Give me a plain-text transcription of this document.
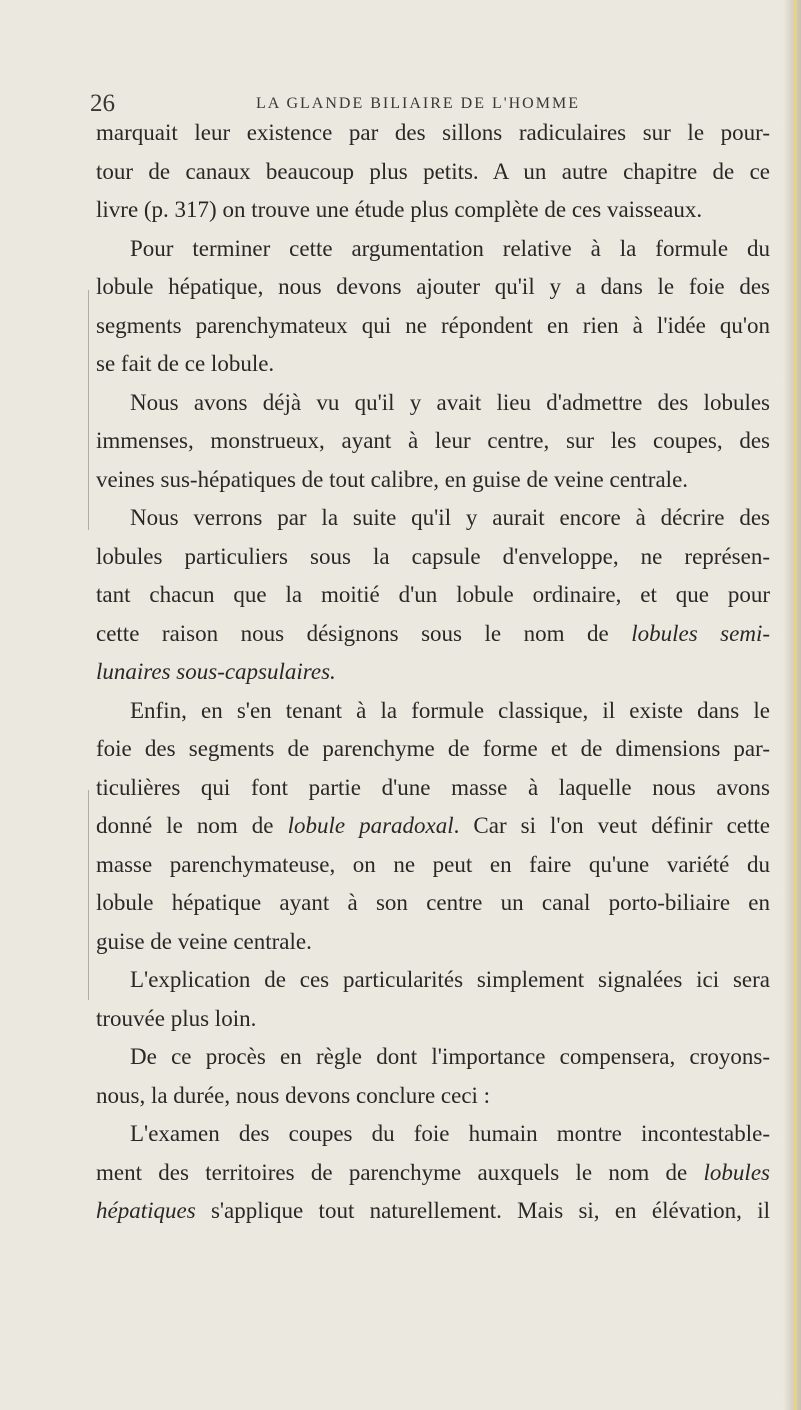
26	LA GLANDE BILIAIRE DE L'HOMME
marquait leur existence par des sillons radiculaires sur le pour-
tour de canaux beaucoup plus petits. A un autre chapitre de ce
livre (p. 317) on trouve une étude plus complète de ces vaisseaux.
Pour terminer cette argumentation relative à la formule du
lobule hépatique, nous devons ajouter qu'il y a dans le foie des
segments parenchymateux qui ne répondent en rien à l'idée qu'on
se fait de ce lobule.
Nous avons déjà vu qu'il y avait lieu d'admettre des lobules
immenses, monstrueux, ayant à leur centre, sur les coupes, des
veines sus-hépatiques de tout calibre, en guise de veine centrale.
Nous verrons par la suite qu'il y aurait encore à décrire des
lobules particuliers sous la capsule d'enveloppe, ne représen-
tant chacun que la moitié d'un lobule ordinaire, et que pour
cette raison nous désignons sous le nom de lobules semi-
lunaires sous-capsulaires.
Enfin, en s'en tenant à la formule classique, il existe dans le
foie des segments de parenchyme de forme et de dimensions par-
ticulières qui font partie d'une masse à laquelle nous avons
donné le nom de lobule paradoxal. Car si l'on veut définir cette
masse parenchymateuse, on ne peut en faire qu'une variété du
lobule hépatique ayant à son centre un canal porto-biliaire en
guise de veine centrale.
L'explication de ces particularités simplement signalées ici sera
trouvée plus loin.
De ce procès en règle dont l'importance compensera, croyons-
nous, la durée, nous devons conclure ceci :
L'examen des coupes du foie humain montre incontestable-
ment des territoires de parenchyme auxquels le nom de lobules
hépatiques s'applique tout naturellement. Mais si, en élévation, il
